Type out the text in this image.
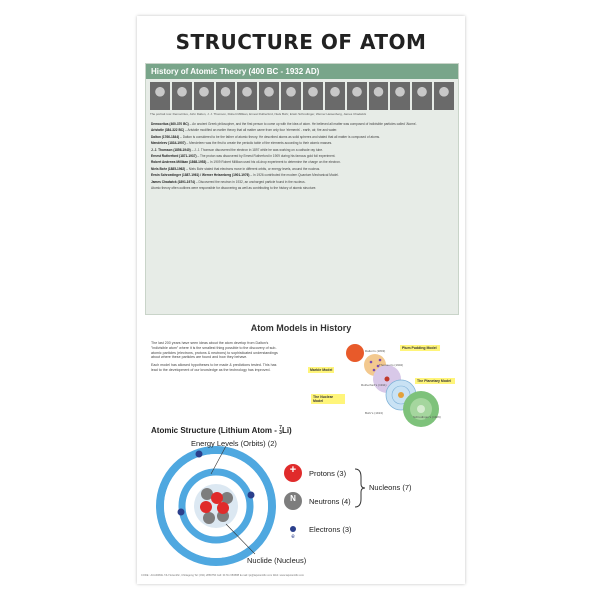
STRUCTURE OF ATOM
History of Atomic Theory (400 BC - 1932 AD)
The portrait row: Democritus, John Dalton, J. J. Thomson, Robert Millikan, Ernest Rutherford, Niels Bohr, Erwin Schrodinger, Werner Heisenberg, James Chadwick
Democritus (460-370 BC) – An ancient Greek philosopher, and the first person to come up with the idea of atom. He believed all matter was composed of indivisible particles called 'Atoms'.
Aristotle (384-322 BC) – Aristotle modified an earlier theory that all matter came from only four 'elements' - earth, air, fire and water.
Dalton (1766-1844) – Dalton is considered to be the father of atomic theory. He described atoms as solid spheres and stated that all matter is composed of atoms.
Mendeleev (1834-1907) – Mendeleev was the first to create the periodic table of the elements according to their atomic masses.
J. J. Thomson (1856-1940) – J. J. Thomson discovered the electron in 1897 while he was working on a cathode ray tube.
Ernest Rutherford (1871-1937) – The proton was discovered by Ernest Rutherford in 1909 during his famous gold foil experiment.
Robert Andrews Millikan (1868-1953) – In 1909 Robert Millikan used his oil-drop experiment to determine the charge on the electron.
Niels Bohr (1885-1962) – Niels Bohr stated that electrons move in different orbits, or energy levels, around the nucleus.
Erwin Schroedinger (1887-1961) / Werner Heisenberg (1901-1976) – In 1926 contributed the modern Quantum Mechanical Model.
James Chadwick (1891-1974) – Discovered the neutron in 1932, an uncharged particle found in the nucleus.
Atomic theory often outlines were responsible for discovering as well as contributing to the history of atomic structure.
Atom Models in History

The last 200 years have seen ideas about the atom develop from Dalton's "indivisible atom" where it is the smallest thing possible to the discovery of sub-atomic particles (electrons, protons & neutrons) to sophisticated understandings about where these particles are found and how they behave.

Each model has allowed hypotheses to be made & predictions tested. This has lead to the development of our knowledge as the technology has improved.	Marble Model
Plum Pudding Model
The Nuclear Model
The Planetary Model
Dalton's (1803)
Thomson's (1904)
Rutherford's (1911)
Bohr's (1913)
Schrodinger's (1926)
Atomic Structure (Lithium Atom - 7
3 Li)
Energy Levels (Orbits) (2)
Nuclide (Nucleus)
+
N
e
Protons (3)
Neutrons (4)
Electrons (3)
Nucleons (7)
CODE : ACAD084L T&J Scientific, Chittagong Tel: (031) 2866756 Cell: 01711 683588 E-mail: tjs@tajscientific.com Web: www.tajscientific.com
